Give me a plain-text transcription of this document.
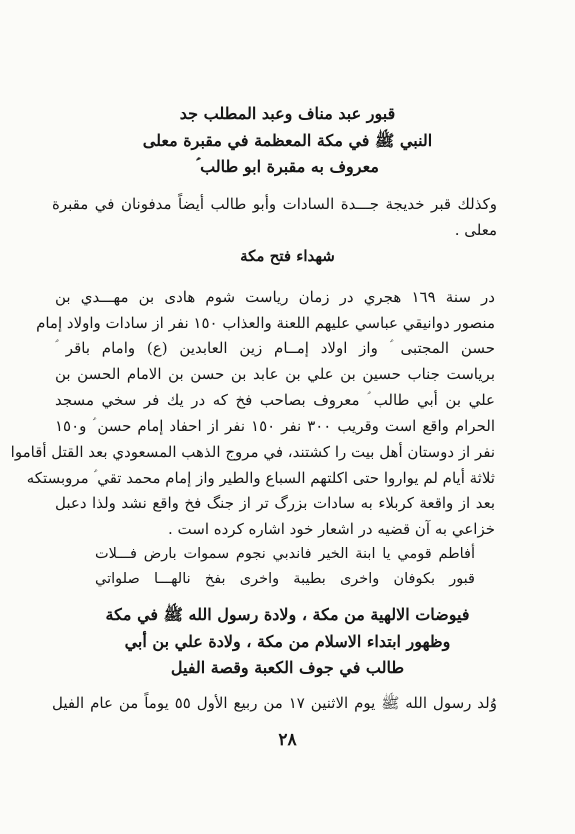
قبور عبد مناف وعبد المطلب جد
النبي ﷺ في مكة المعظمة في مقبرة معلى
معروف به مقبرة ابو طالب ؑ
وكذلك قبر خديجة جـــدة السادات وأبو طالب أيضاً مدفونان في مقبرة
معلى .
شهداء فتح مكة
در سنة ١٦٩ هجري در زمان رياست شوم هادى بن مهـــدي بن
منصور دوانيقي عباسي عليهم اللعنة والعذاب ١٥٠ نفر از سادات واولاد إمام
حسن المجتبى ؑ واز اولاد إمــام زين العابدين (ع) وامام باقر ؑ
بریاست جناب حسين بن علي بن عابد بن حسن بن الامام الحسن بن
علي بن أبي طالب ؑ معروف بصاحب فخ كه در يك فر سخي مسجد
الحرام واقع است وقريب ٣٠٠ نفر ١٥٠ نفر از احفاد إمام حسن ؑ و١٥٠
نفر از دوستان أهل بيت را كشتند، في مروج الذهب المسعودي بعد القتل أقاموا
ثلاثة أيام لم يواروا حتى اكلتهم السباع والطير واز إمام محمد تقي ؑ مروبستكه
بعد از واقعة كربلاء به سادات بزرگ تر از جنگ فخ واقع نشد ولذا دعبل
خزاعي به آن قضيه در اشعار خود اشاره كرده است .
أفاطم قومي يا ابنة الخير فاندبي نجوم سموات بارض فـــلات
قبور بكوفان واخرى بطيبة واخرى بفخ نالهـــا صلواتي
فيوضات الالهية من مكة ، ولادة رسول الله ﷺ في مكة
وظهور ابتداء الاسلام من مكة ، ولادة علي بن أبي
طالب في جوف الكعبة وقصة الفيل
وُلد رسول الله ﷺ يوم الاثنين ١٧ من ربيع الأول ٥٥ يوماً من عام الفيل
٢٨
